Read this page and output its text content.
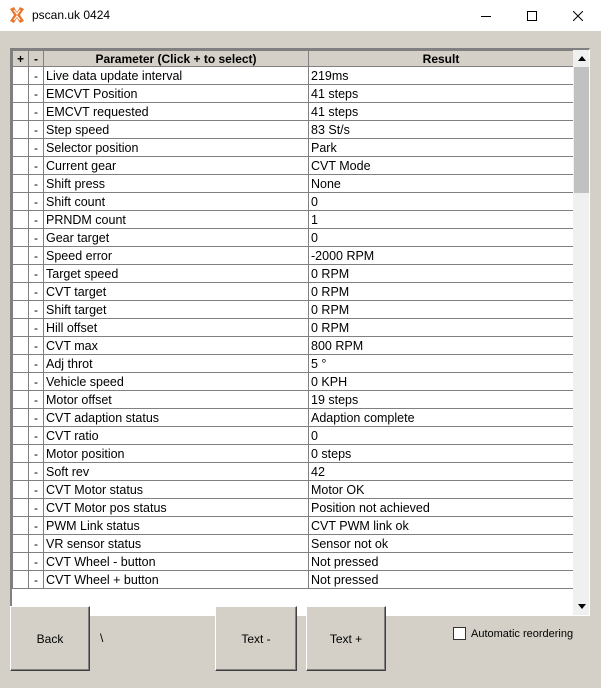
pscan.uk 0424
+	-	Parameter (Click + to select)	Result
	-	Live data update interval	219ms
	-	EMCVT Position	41 steps
	-	EMCVT requested	41 steps
	-	Step speed	83 St/s
	-	Selector position	Park
	-	Current gear	CVT Mode
	-	Shift press	None
	-	Shift count	0
	-	PRNDM count	1
	-	Gear target	0
	-	Speed error	-2000 RPM
	-	Target speed	0 RPM
	-	CVT target	0 RPM
	-	Shift target	0 RPM
	-	Hill offset	0 RPM
	-	CVT max	800 RPM
	-	Adj throt	5 °
	-	Vehicle speed	0 KPH
	-	Motor offset	19 steps
	-	CVT adaption status	Adaption complete
	-	CVT ratio	0
	-	Motor position	0 steps
	-	Soft rev	42
	-	CVT Motor status	Motor OK
	-	CVT Motor pos status	Position not achieved
	-	PWM Link status	CVT PWM link ok
	-	VR sensor status	Sensor not ok
	-	CVT Wheel - button	Not pressed
	-	CVT Wheel + button	Not pressed
Back	\	Text -	Text +	Automatic reordering
